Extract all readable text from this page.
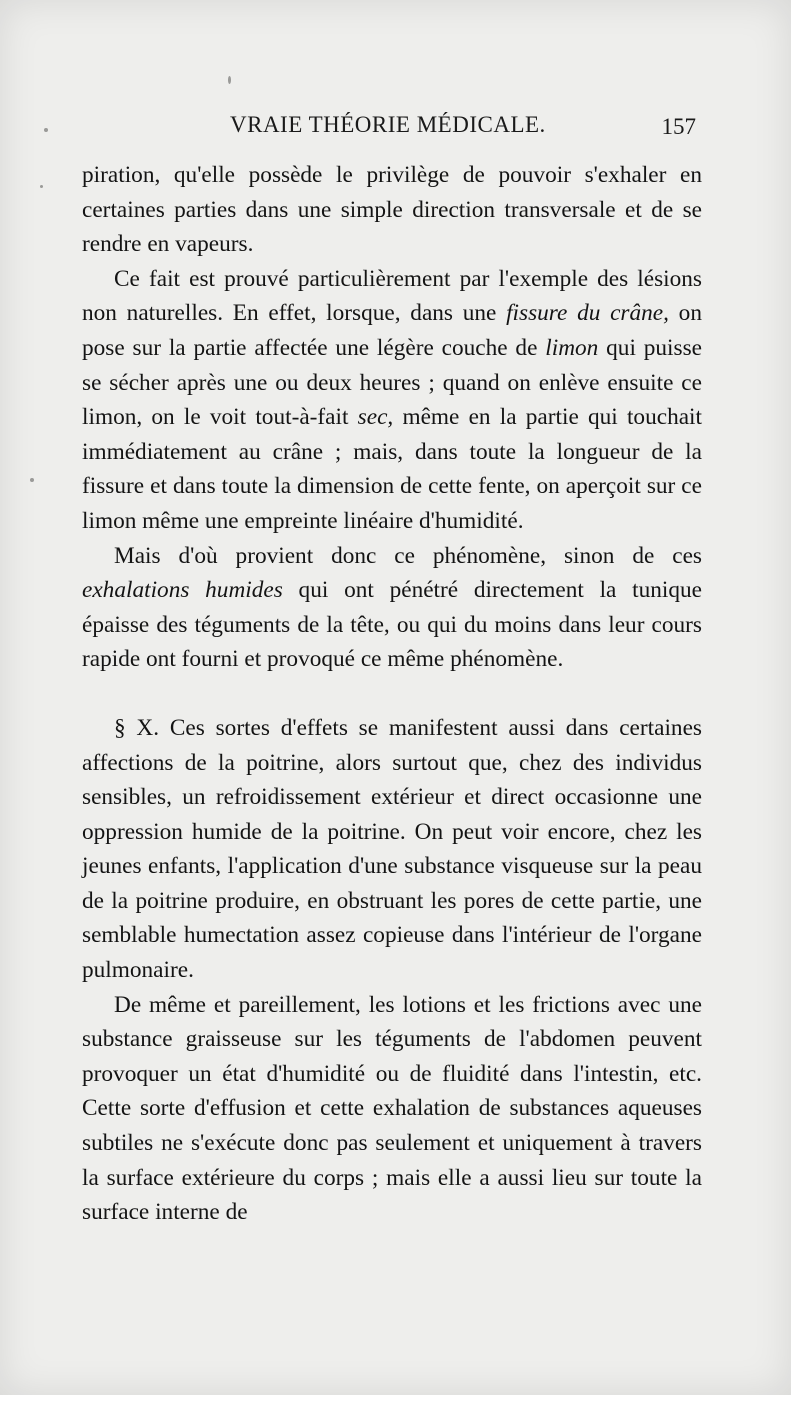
VRAIE THÉORIE MÉDICALE.	157

piration, qu'elle possède le privilège de pouvoir s'exhaler en certaines parties dans une simple direction transversale et de se rendre en vapeurs.

Ce fait est prouvé particulièrement par l'exemple des lésions non naturelles. En effet, lorsque, dans une fissure du crâne, on pose sur la partie affectée une légère couche de limon qui puisse se sécher après une ou deux heures ; quand on enlève ensuite ce limon, on le voit tout-à-fait sec, même en la partie qui touchait immédiatement au crâne ; mais, dans toute la longueur de la fissure et dans toute la dimension de cette fente, on aperçoit sur ce limon même une empreinte linéaire d'humidité.

Mais d'où provient donc ce phénomène, sinon de ces exhalations humides qui ont pénétré directement la tunique épaisse des téguments de la tête, ou qui du moins dans leur cours rapide ont fourni et provoqué ce même phénomène.

§ X. Ces sortes d'effets se manifestent aussi dans certaines affections de la poitrine, alors surtout que, chez des individus sensibles, un refroidissement extérieur et direct occasionne une oppression humide de la poitrine. On peut voir encore, chez les jeunes enfants, l'application d'une substance visqueuse sur la peau de la poitrine produire, en obstruant les pores de cette partie, une semblable humectation assez copieuse dans l'intérieur de l'organe pulmonaire.

De même et pareillement, les lotions et les frictions avec une substance graisseuse sur les téguments de l'abdomen peuvent provoquer un état d'humidité ou de fluidité dans l'intestin, etc. Cette sorte d'effusion et cette exhalation de substances aqueuses subtiles ne s'exécute donc pas seulement et uniquement à travers la surface extérieure du corps ; mais elle a aussi lieu sur toute la surface interne de
